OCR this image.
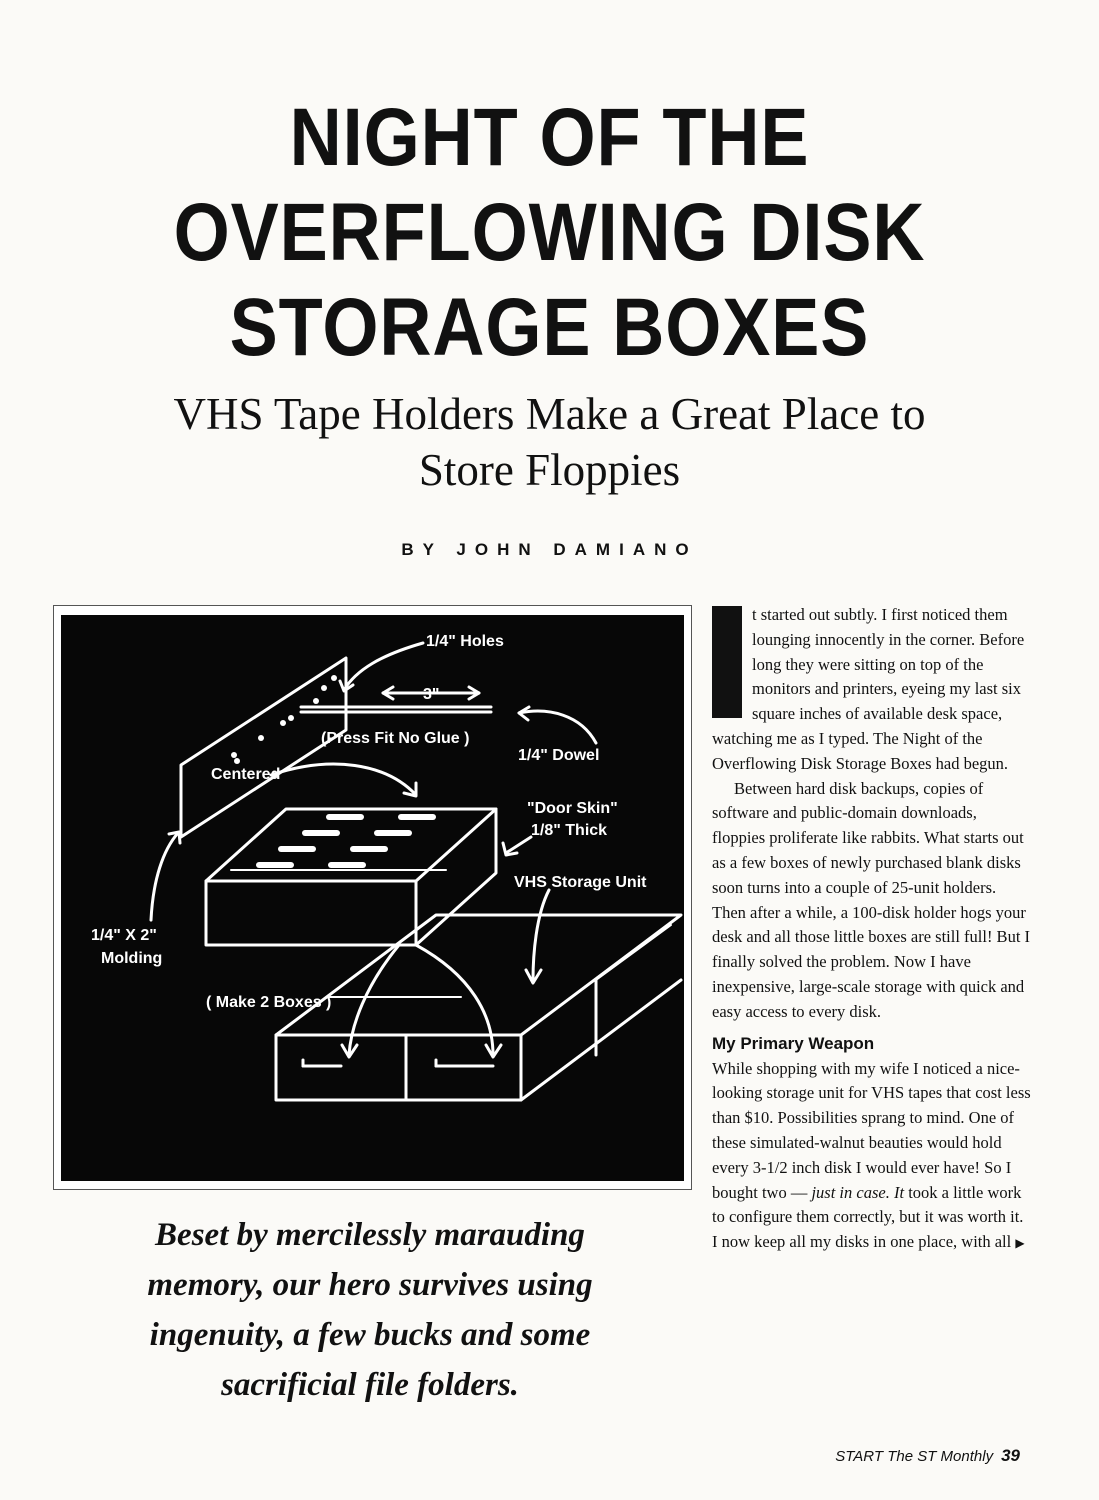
NIGHT OF THE
OVERFLOWING DISK
STORAGE BOXES
VHS Tape Holders Make a Great Place to
Store Floppies
BY JOHN DAMIANO
1/4" Holes
3"
(Press Fit No Glue )
1/4" Dowel
Centered
"Door Skin"
1/8" Thick
VHS Storage Unit
1/4" X 2"
Molding
( Make 2 Boxes )
Beset by mercilessly marauding
memory, our hero survives using
ingenuity, a few bucks and some
sacrificial file folders.

t started out subtly. I first noticed them lounging innocently in the corner. Before long they were sitting on top of the monitors and printers, eyeing my last six square inches of available desk space, watching me as I typed. The Night of the Overflowing Disk Storage Boxes had begun.

Between hard disk backups, copies of software and public-domain downloads, floppies proliferate like rabbits. What starts out as a few boxes of newly purchased blank disks soon turns into a couple of 25-unit holders. Then after a while, a 100-disk holder hogs your desk and all those little boxes are still full! But I finally solved the problem. Now I have inexpensive, large-scale storage with quick and easy access to every disk.

My Primary Weapon

While shopping with my wife I noticed a nice-looking storage unit for VHS tapes that cost less than $10. Possibilities sprang to mind. One of these simulated-walnut beauties would hold every 3-1/2 inch disk I would ever have! So I bought two — just in case. It took a little work to configure them correctly, but it was worth it. I now keep all my disks in one place, with all ▶

START The ST Monthly 39
